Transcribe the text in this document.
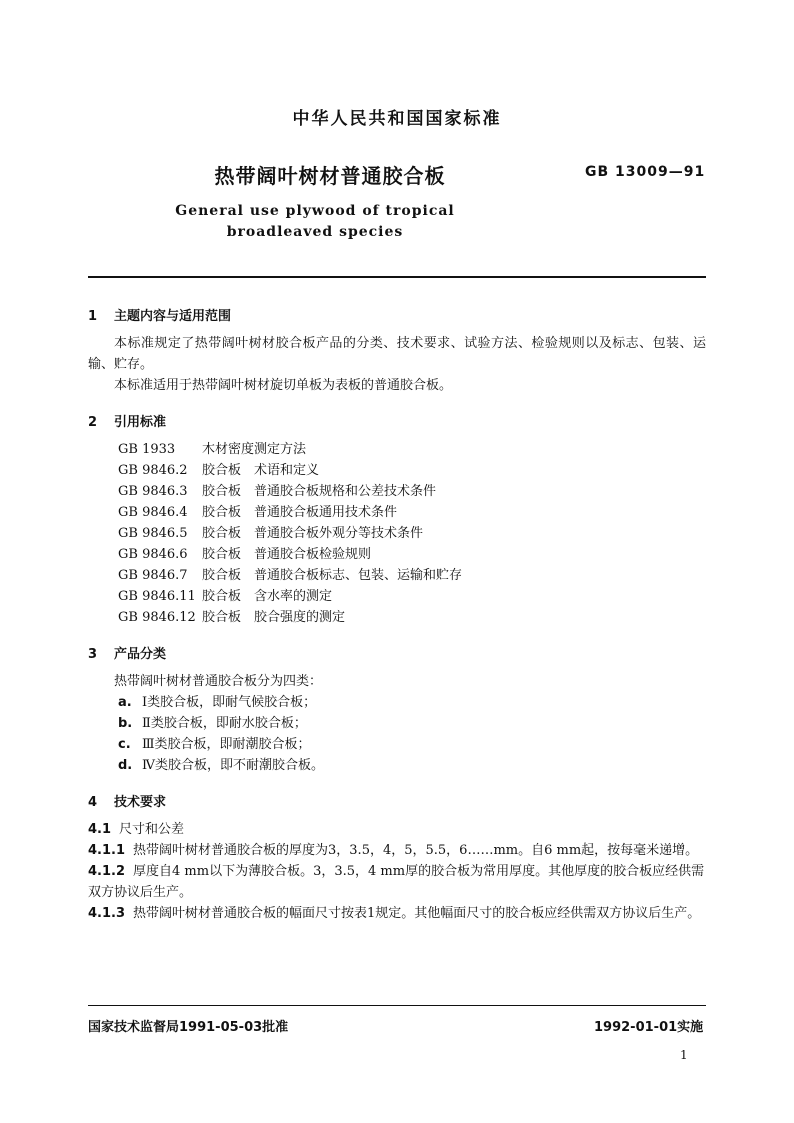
中华人民共和国国家标准
热带阔叶树材普通胶合板	GB 13009—91
General use plywood of tropical
broadleaved species
1 主题内容与适用范围

本标准规定了热带阔叶树材胶合板产品的分类、技术要求、试验方法、检验规则以及标志、包装、运输、贮存。

本标准适用于热带阔叶树材旋切单板为表板的普通胶合板。

2 引用标准
GB 1933 木材密度测定方法
GB 9846.2 胶合板　术语和定义
GB 9846.3 胶合板　普通胶合板规格和公差技术条件
GB 9846.4 胶合板　普通胶合板通用技术条件
GB 9846.5 胶合板　普通胶合板外观分等技术条件
GB 9846.6 胶合板　普通胶合板检验规则
GB 9846.7 胶合板　普通胶合板标志、包装、运输和贮存
GB 9846.11 胶合板　含水率的测定
GB 9846.12 胶合板　胶合强度的测定
3 产品分类

热带阔叶树材普通胶合板分为四类：

a. Ⅰ类胶合板，即耐气候胶合板；
b. Ⅱ类胶合板，即耐水胶合板；
c. Ⅲ类胶合板，即耐潮胶合板；
d. Ⅳ类胶合板，即不耐潮胶合板。
4 技术要求

4.1 尺寸和公差

4.1.1 热带阔叶树材普通胶合板的厚度为3，3.5，4，5，5.5，6……mm。自6 mm起，按每毫米递增。

4.1.2 厚度自4 mm以下为薄胶合板。3，3.5，4 mm厚的胶合板为常用厚度。其他厚度的胶合板应经供需双方协议后生产。

4.1.3 热带阔叶树材普通胶合板的幅面尺寸按表1规定。其他幅面尺寸的胶合板应经供需双方协议后生产。

国家技术监督局1991-05-03批准	1992-01-01实施
1
